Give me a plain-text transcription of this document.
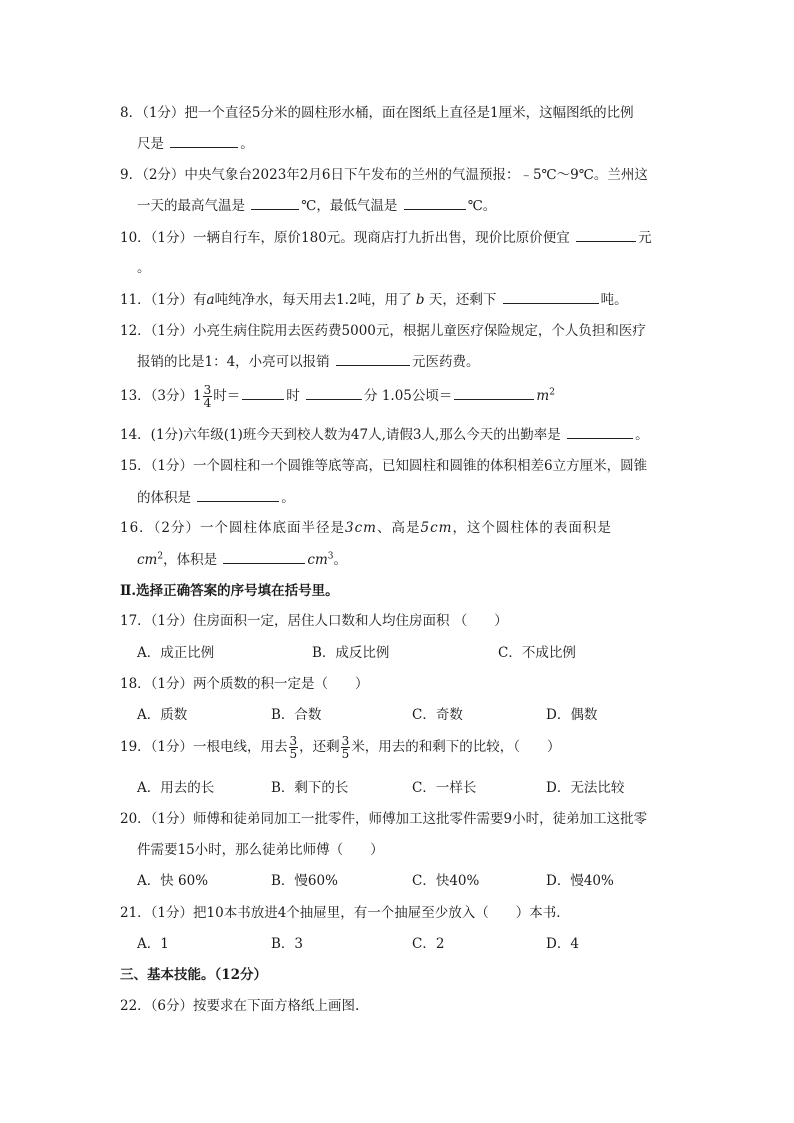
8．（1分）把一个直径5分米的圆柱形水桶，面在图纸上直径是1厘米，这幅图纸的比例
尺是	。
9．（2分）中央气象台2023年2月6日下午发布的兰州的气温预报：﹣5℃～9℃。兰州这
一天的最高气温是	℃，最低气温是	℃。
10．（1分）一辆自行车，原价180元。现商店打九折出售，现价比原价便宜	元
。
11．（1分）有a吨纯净水，每天用去1.2吨，用了 b 天，还剩下	吨。
12．（1分）小亮生病住院用去医药费5000元，根据儿童医疗保险规定，个人负担和医疗
报销的比是1：4，小亮可以报销	元医药费。
13．（3分）$1 \frac{3}{4}$ 时＝	时	分 1.05公顷＝	$m^2$
14．(1分)六年级(1)班今天到校人数为47人,请假3人,那么今天的出勤率是	。
15．（1分）一个圆柱和一个圆锥等底等高，已知圆柱和圆锥的体积相差6立方厘米，圆锥
的体积是	。
16．（2分）一个圆柱体底面半径是3cm、高是5cm，这个圆柱体的表面积是
$cm^2$，体积是	$cm^3$。
Ⅱ.选择正确答案的序号填在括号里。
17．（1分）住房面积一定，居住人口数和人均住房面积 （　　）
A．成正比例	B．成反比例	C．不成比例
18．（1分）两个质数的积一定是（　　）
A．质数	B．合数	C．奇数	D．偶数
19．（1分）一根电线，用去 $\frac{3}{5}$ ，还剩 $\frac{3}{5}$ 米，用去的和剩下的比较，（　　）
A．用去的长	B．剩下的长	C．一样长	D．无法比较
20．（1分）师傅和徒弟同加工一批零件，师傅加工这批零件需要9小时，徒弟加工这批零
件需要15小时，那么徒弟比师傅（　　）
A．快 60%	B．慢60%	C．快40%	D．慢40%
21．（1分）把10本书放进4个抽屉里，有一个抽屉至少放入（　　）本书．
A．1	B．3	C．2	D．4
三、基本技能。（12分）
22．（6分）按要求在下面方格纸上画图.
